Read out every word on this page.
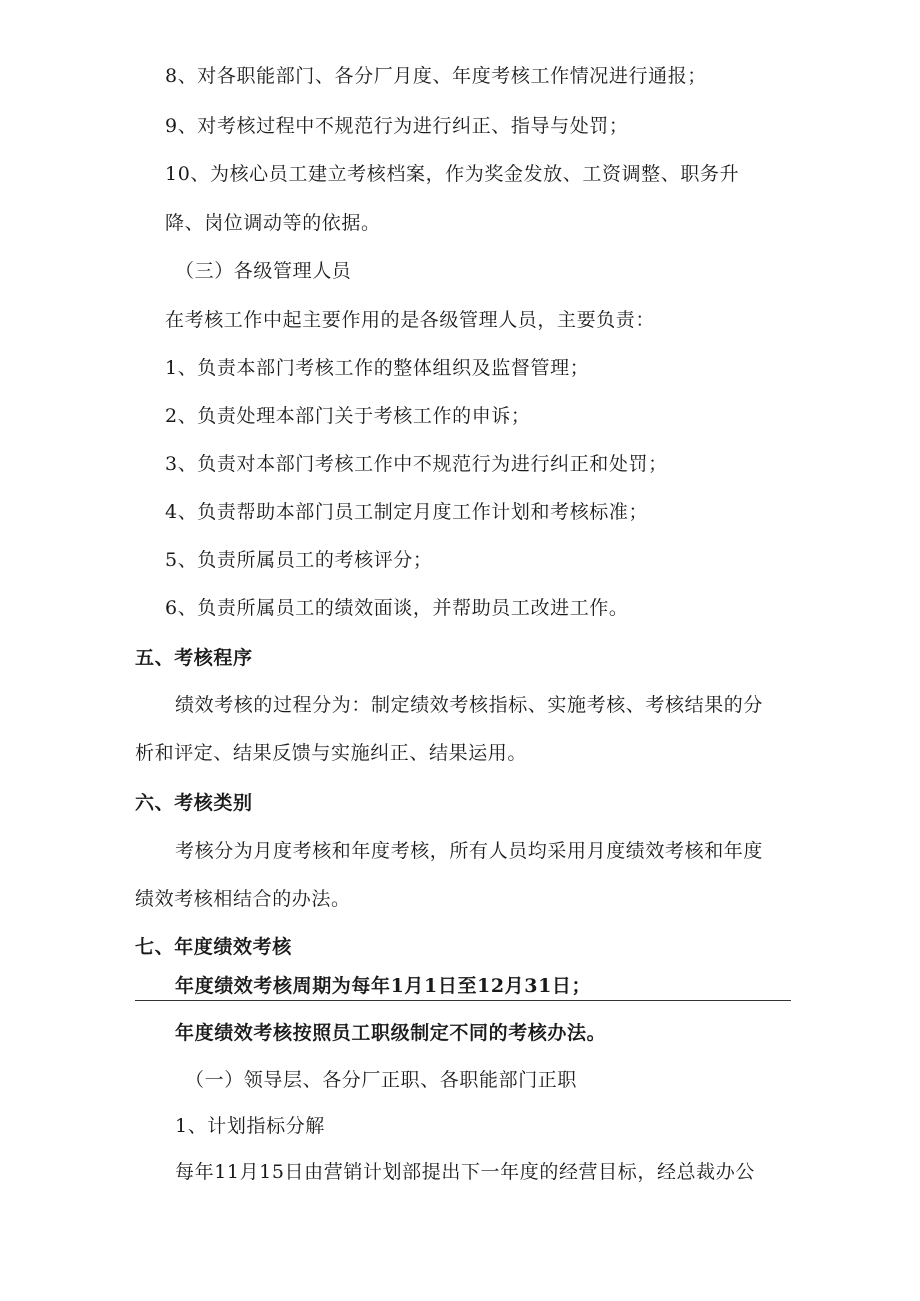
8、对各职能部门、各分厂月度、年度考核工作情况进行通报；
9、对考核过程中不规范行为进行纠正、指导与处罚；
10、为核心员工建立考核档案，作为奖金发放、工资调整、职务升
降、岗位调动等的依据。
（三）各级管理人员
在考核工作中起主要作用的是各级管理人员，主要负责：
1、负责本部门考核工作的整体组织及监督管理；
2、负责处理本部门关于考核工作的申诉；
3、负责对本部门考核工作中不规范行为进行纠正和处罚；
4、负责帮助本部门员工制定月度工作计划和考核标准；
5、负责所属员工的考核评分；
6、负责所属员工的绩效面谈，并帮助员工改进工作。
五、考核程序
绩效考核的过程分为：制定绩效考核指标、实施考核、考核结果的分
析和评定、结果反馈与实施纠正、结果运用。
六、考核类别
考核分为月度考核和年度考核，所有人员均采用月度绩效考核和年度
绩效考核相结合的办法。
七、年度绩效考核
年度绩效考核周期为每年1月1日至12月31日；
年度绩效考核按照员工职级制定不同的考核办法。
（一）领导层、各分厂正职、各职能部门正职
1、计划指标分解
每年11月15日由营销计划部提出下一年度的经营目标，经总裁办公
